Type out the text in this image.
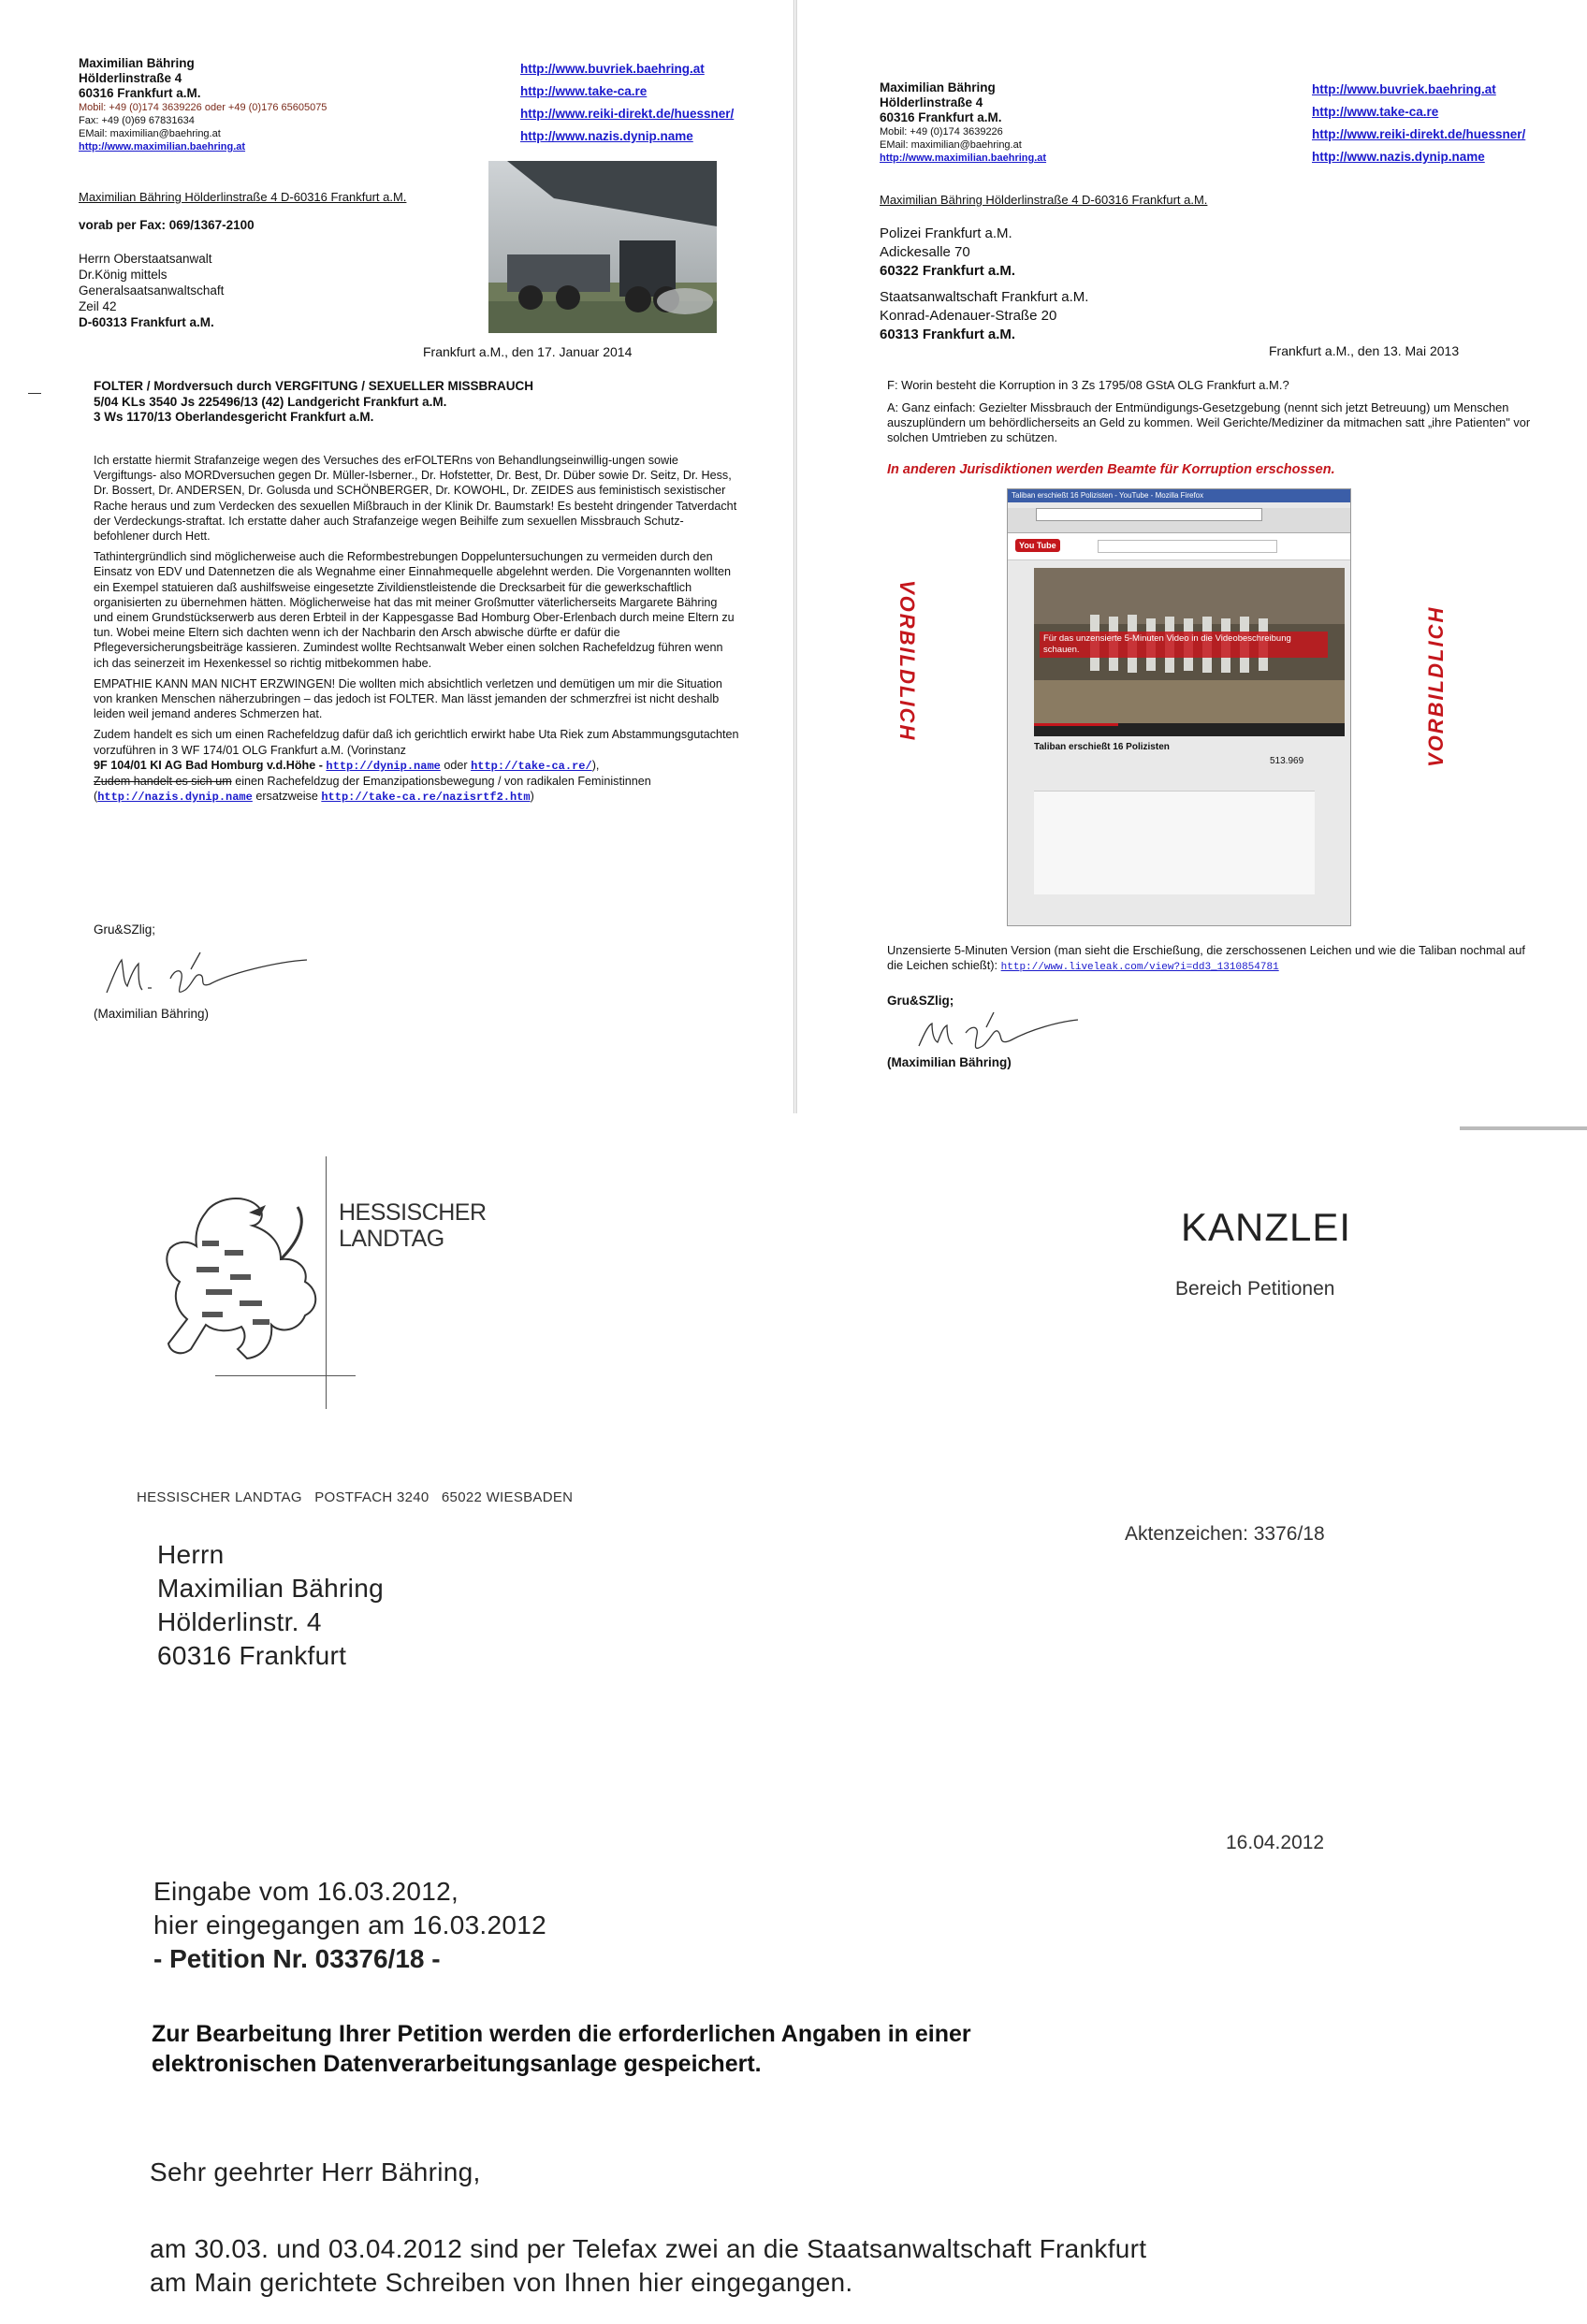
Maximilian Bähring
Hölderlinstraße 4
60316 Frankfurt a.M.
Mobil: +49 (0)174 3639226 oder +49 (0)176 65605075
Fax: +49 (0)69 67831634
EMail: maximilian@baehring.at
http://www.maximilian.baehring.at
http://www.buvriek.baehring.at
http://www.take-ca.re
http://www.reiki-direkt.de/huessner/
http://www.nazis.dynip.name
Maximilian Bähring Hölderlinstraße 4 D-60316 Frankfurt a.M.
vorab per Fax: 069/1367-2100
Herrn Oberstaatsanwalt
Dr.König mittels
Generalsaatsanwaltschaft
Zeil 42
D-60313 Frankfurt a.M.
Frankfurt a.M., den 17. Januar 2014
FOLTER / Mordversuch durch VERGFITUNG / SEXUELLER MISSBRAUCH
5/04 KLs 3540 Js 225496/13 (42) Landgericht Frankfurt a.M.
3 Ws 1170/13 Oberlandesgericht Frankfurt a.M.

Ich erstatte hiermit Strafanzeige wegen des Versuches des erFOLTERns von Behandlungseinwillig-ungen sowie Vergiftungs- also MORDversuchen gegen Dr. Müller-Isberner., Dr. Hofstetter, Dr. Best, Dr. Düber sowie Dr. Seitz, Dr. Hess, Dr. Bossert, Dr. ANDERSEN, Dr. Golusda und SCHÖNBERGER, Dr. KOWOHL, Dr. ZEIDES aus feministisch sexistischer Rache heraus und zum Verdecken des sexuellen Mißbrauch in der Klinik Dr. Baumstark! Es besteht dringender Tatverdacht der Verdeckungs-straftat. Ich erstatte daher auch Strafanzeige wegen Beihilfe zum sexuellen Missbrauch Schutz-befohlener durch Hett.

Tathintergründlich sind möglicherweise auch die Reformbestrebungen Doppeluntersuchungen zu vermeiden durch den Einsatz von EDV und Datennetzen die als Wegnahme einer Einnahmequelle abgelehnt werden. Die Vorgenannten wollten ein Exempel statuieren daß aushilfsweise eingesetzte Zivildienstleistende die Drecksarbeit für die gewerkschaftlich organisierten zu übernehmen hätten. Möglicherweise hat das mit meiner Großmutter väterlicherseits Margarete Bähring und einem Grundstückserwerb aus deren Erbteil in der Kappesgasse Bad Homburg Ober-Erlenbach durch meine Eltern zu tun. Wobei meine Eltern sich dachten wenn ich der Nachbarin den Arsch abwische dürfte er dafür die Pflegeversicherungsbeiträge kassieren. Zumindest wollte Rechtsanwalt Weber einen solchen Rachefeldzug führen wenn ich das seinerzeit im Hexenkessel so richtig mitbekommen habe.

EMPATHIE KANN MAN NICHT ERZWINGEN! Die wollten mich absichtlich verletzen und demütigen um mir die Situation von kranken Menschen näherzubringen – das jedoch ist FOLTER. Man lässt jemanden der schmerzfrei ist nicht deshalb leiden weil jemand anderes Schmerzen hat.

Zudem handelt es sich um einen Rachefeldzug dafür daß ich gerichtlich erwirkt habe Uta Riek zum Abstammungsgutachten vorzuführen in 3 WF 174/01 OLG Frankfurt a.M. (Vorinstanz

9F 104/01 KI AG Bad Homburg v.d.Höhe - http://dynip.name oder http://take-ca.re/),
Zudem handelt es sich um einen Rachefeldzug der Emanzipationsbewegung / von radikalen Feministinnen (http://nazis.dynip.name ersatzweise http://take-ca.re/nazisrtf2.htm)
Gru&SZlig;
(Maximilian Bähring)
Maximilian Bähring
Hölderlinstraße 4
60316 Frankfurt a.M.
Mobil: +49 (0)174 3639226
EMail: maximilian@baehring.at
http://www.maximilian.baehring.at
http://www.buvriek.baehring.at
http://www.take-ca.re
http://www.reiki-direkt.de/huessner/
http://www.nazis.dynip.name
Maximilian Bähring Hölderlinstraße 4 D-60316 Frankfurt a.M.
Polizei Frankfurt a.M.
Adickesalle 70
60322 Frankfurt a.M.
Staatsanwaltschaft Frankfurt a.M.
Konrad-Adenauer-Straße 20
60313 Frankfurt a.M.
Frankfurt a.M., den 13. Mai 2013
F: Worin besteht die Korruption in 3 Zs 1795/08 GStA OLG Frankfurt a.M.?
A: Ganz einfach: Gezielter Missbrauch der Entmündigungs-Gesetzgebung (nennt sich jetzt Betreuung) um Menschen auszuplündern um behördlicherseits an Geld zu kommen. Weil Gerichte/Mediziner da mitmachen satt „ihre Patienten" vor solchen Umtrieben zu schützen.
In anderen Jurisdiktionen werden Beamte für Korruption erschossen.
VORBILDLICH	VORBILDLICH
Taliban erschießt 16 Polizisten - YouTube - Mozilla Firefox
You Tube
Für das unzensierte 5-Minuten Video in die Videobeschreibung schauen.
Taliban erschießt 16 Polizisten
513.969
Unzensierte 5-Minuten Version (man sieht die Erschießung, die zerschossenen Leichen und wie die Taliban nochmal auf die Leichen schießt): http://www.liveleak.com/view?i=dd3_1310854781
Gru&SZlig;
(Maximilian Bähring)
HESSISCHER
LANDTAG	KANZLEI
Bereich Petitionen
HESSISCHER LANDTAG   POSTFACH 3240   65022 WIESBADEN
Aktenzeichen: 3376/18
Herrn
Maximilian Bähring
Hölderlinstr. 4
60316 Frankfurt
16.04.2012
Eingabe vom 16.03.2012,
hier eingegangen am 16.03.2012
- Petition Nr. 03376/18 -
Zur Bearbeitung Ihrer Petition werden die erforderlichen Angaben in einer
elektronischen Datenverarbeitungsanlage gespeichert.
Sehr geehrter Herr Bähring,
am 30.03. und 03.04.2012 sind per Telefax zwei an die Staatsanwaltschaft Frankfurt
am Main gerichtete Schreiben von Ihnen hier eingegangen.
